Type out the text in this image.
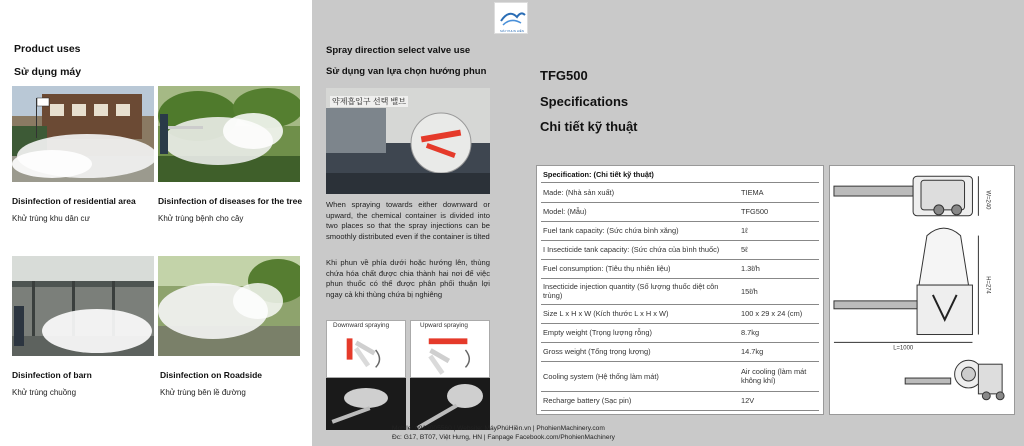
Product uses
Sử dụng máy
Disinfection of residential area
Khử trùng khu dân cư
Disinfection of diseases for the tree
Khử trùng bệnh cho cây
Disinfection of barn
Khử trùng chuồng
Disinfection on Roadside
Khử trùng bên lề đường
Spray direction select valve use
Sử dụng van lựa chọn hướng phun
약제흡입구 선택 밸브
When spraying towards either downward or upward, the chemical container is divided into two places so that the spray injections can be smoothly distributed even if the container is tilted
Khi phun về phía dưới hoặc hướng lên, thùng chứa hóa chất được chia thành hai nơi để việc phun thuốc có thể được phân phối thuận lợi ngay cả khi thùng chứa bị nghiêng
Downward spraying	Upward spraying
MÁY PHUN HIỀN
TFG500
Specifications
Chi tiết kỹ thuật
Specification: (Chi tiết kỹ thuật)	
Made: (Nhà sản xuất)	TIEMA
Model: (Mẫu)	TFG500
Fuel tank capacity: (Sức chứa bình xăng)	1ℓ
I Insecticide tank capacity: (Sức chứa của bình thuốc)	5ℓ
Fuel consumption: (Tiêu thụ nhiên liệu)	1.3ℓ/h
Insecticide injection quantity (Số lượng thuốc diệt côn trùng)	15ℓ/h
Size L x H x W (Kích thước L x H x W)	100 x 29 x 24 (cm)
Empty weight (Trọng lượng rỗng)	8.7kg
Gross weight (Tổng trọng lượng)	14.7kg
Cooling system (Hệ thống làm mát)	Air cooling (làm mát không khí)
Recharge battery (Sạc pin)	12V
W=240
H=274
L=1000
Mobile: 0913005560 | Website: MáyPhúHiền.vn | PhohienMachinery.com
Đc: G17, BT07, Việt Hưng, HN | Fanpage Facebook.com/PhohienMachinery
